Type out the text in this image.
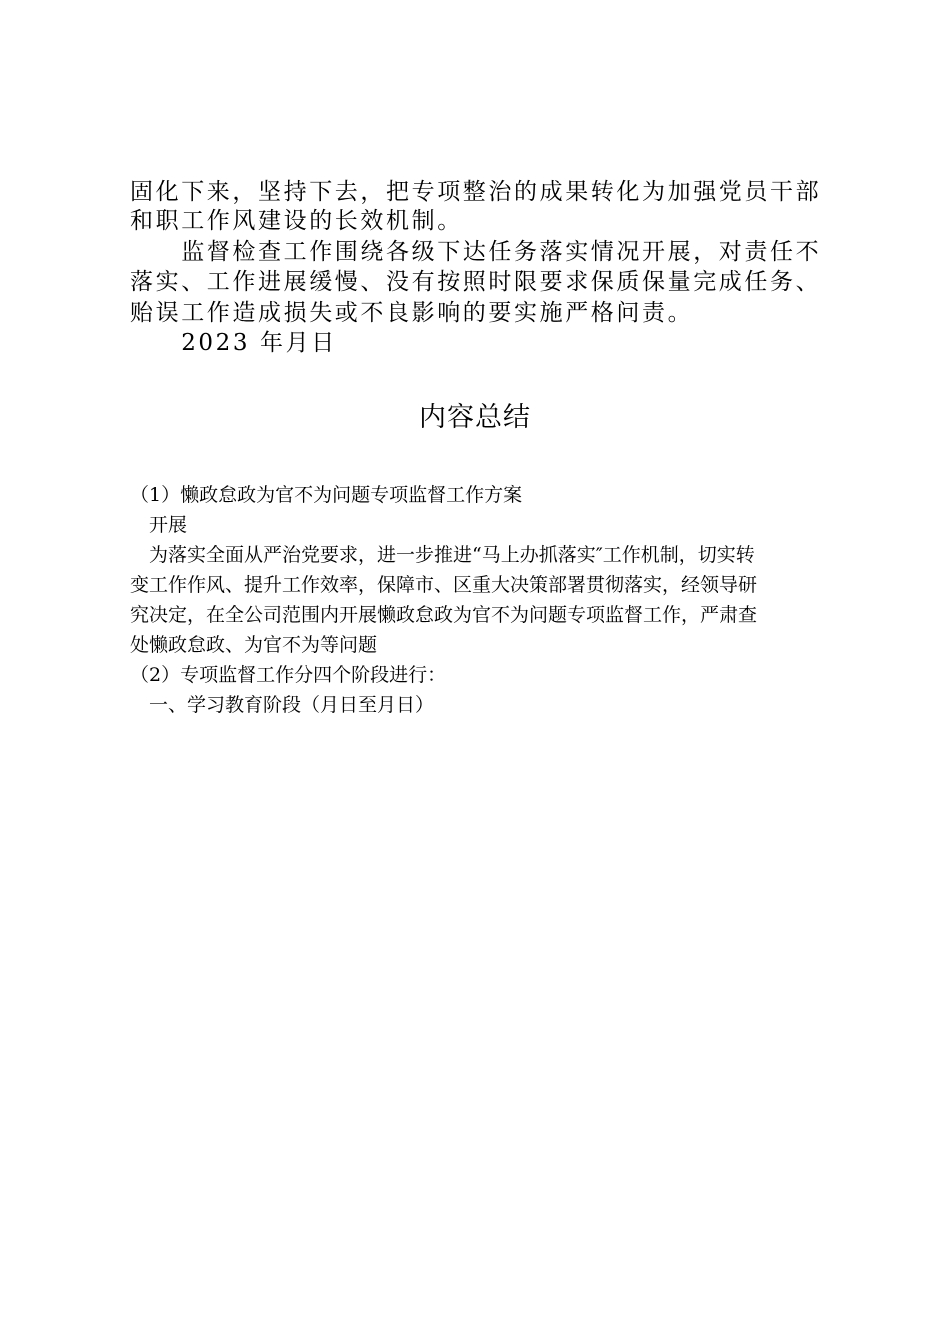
固化下来，坚持下去，把专项整治的成果转化为加强党员干部
和职工作风建设的长效机制。
　　监督检查工作围绕各级下达任务落实情况开展，对责任不
落实、工作进展缓慢、没有按照时限要求保质保量完成任务、
贻误工作造成损失或不良影响的要实施严格问责。
　　2023 年月日
内容总结
（1）懒政怠政为官不为问题专项监督工作方案
　开展
　为落实全面从严治党要求，进一步推进“马上办抓落实″工作机制，切实转
变工作作风、提升工作效率，保障市、区重大决策部署贯彻落实，经领导研
究决定，在全公司范围内开展懒政怠政为官不为问题专项监督工作，严肃查
处懒政怠政、为官不为等问题
（2）专项监督工作分四个阶段进行：
　一、学习教育阶段（月日至月日）
